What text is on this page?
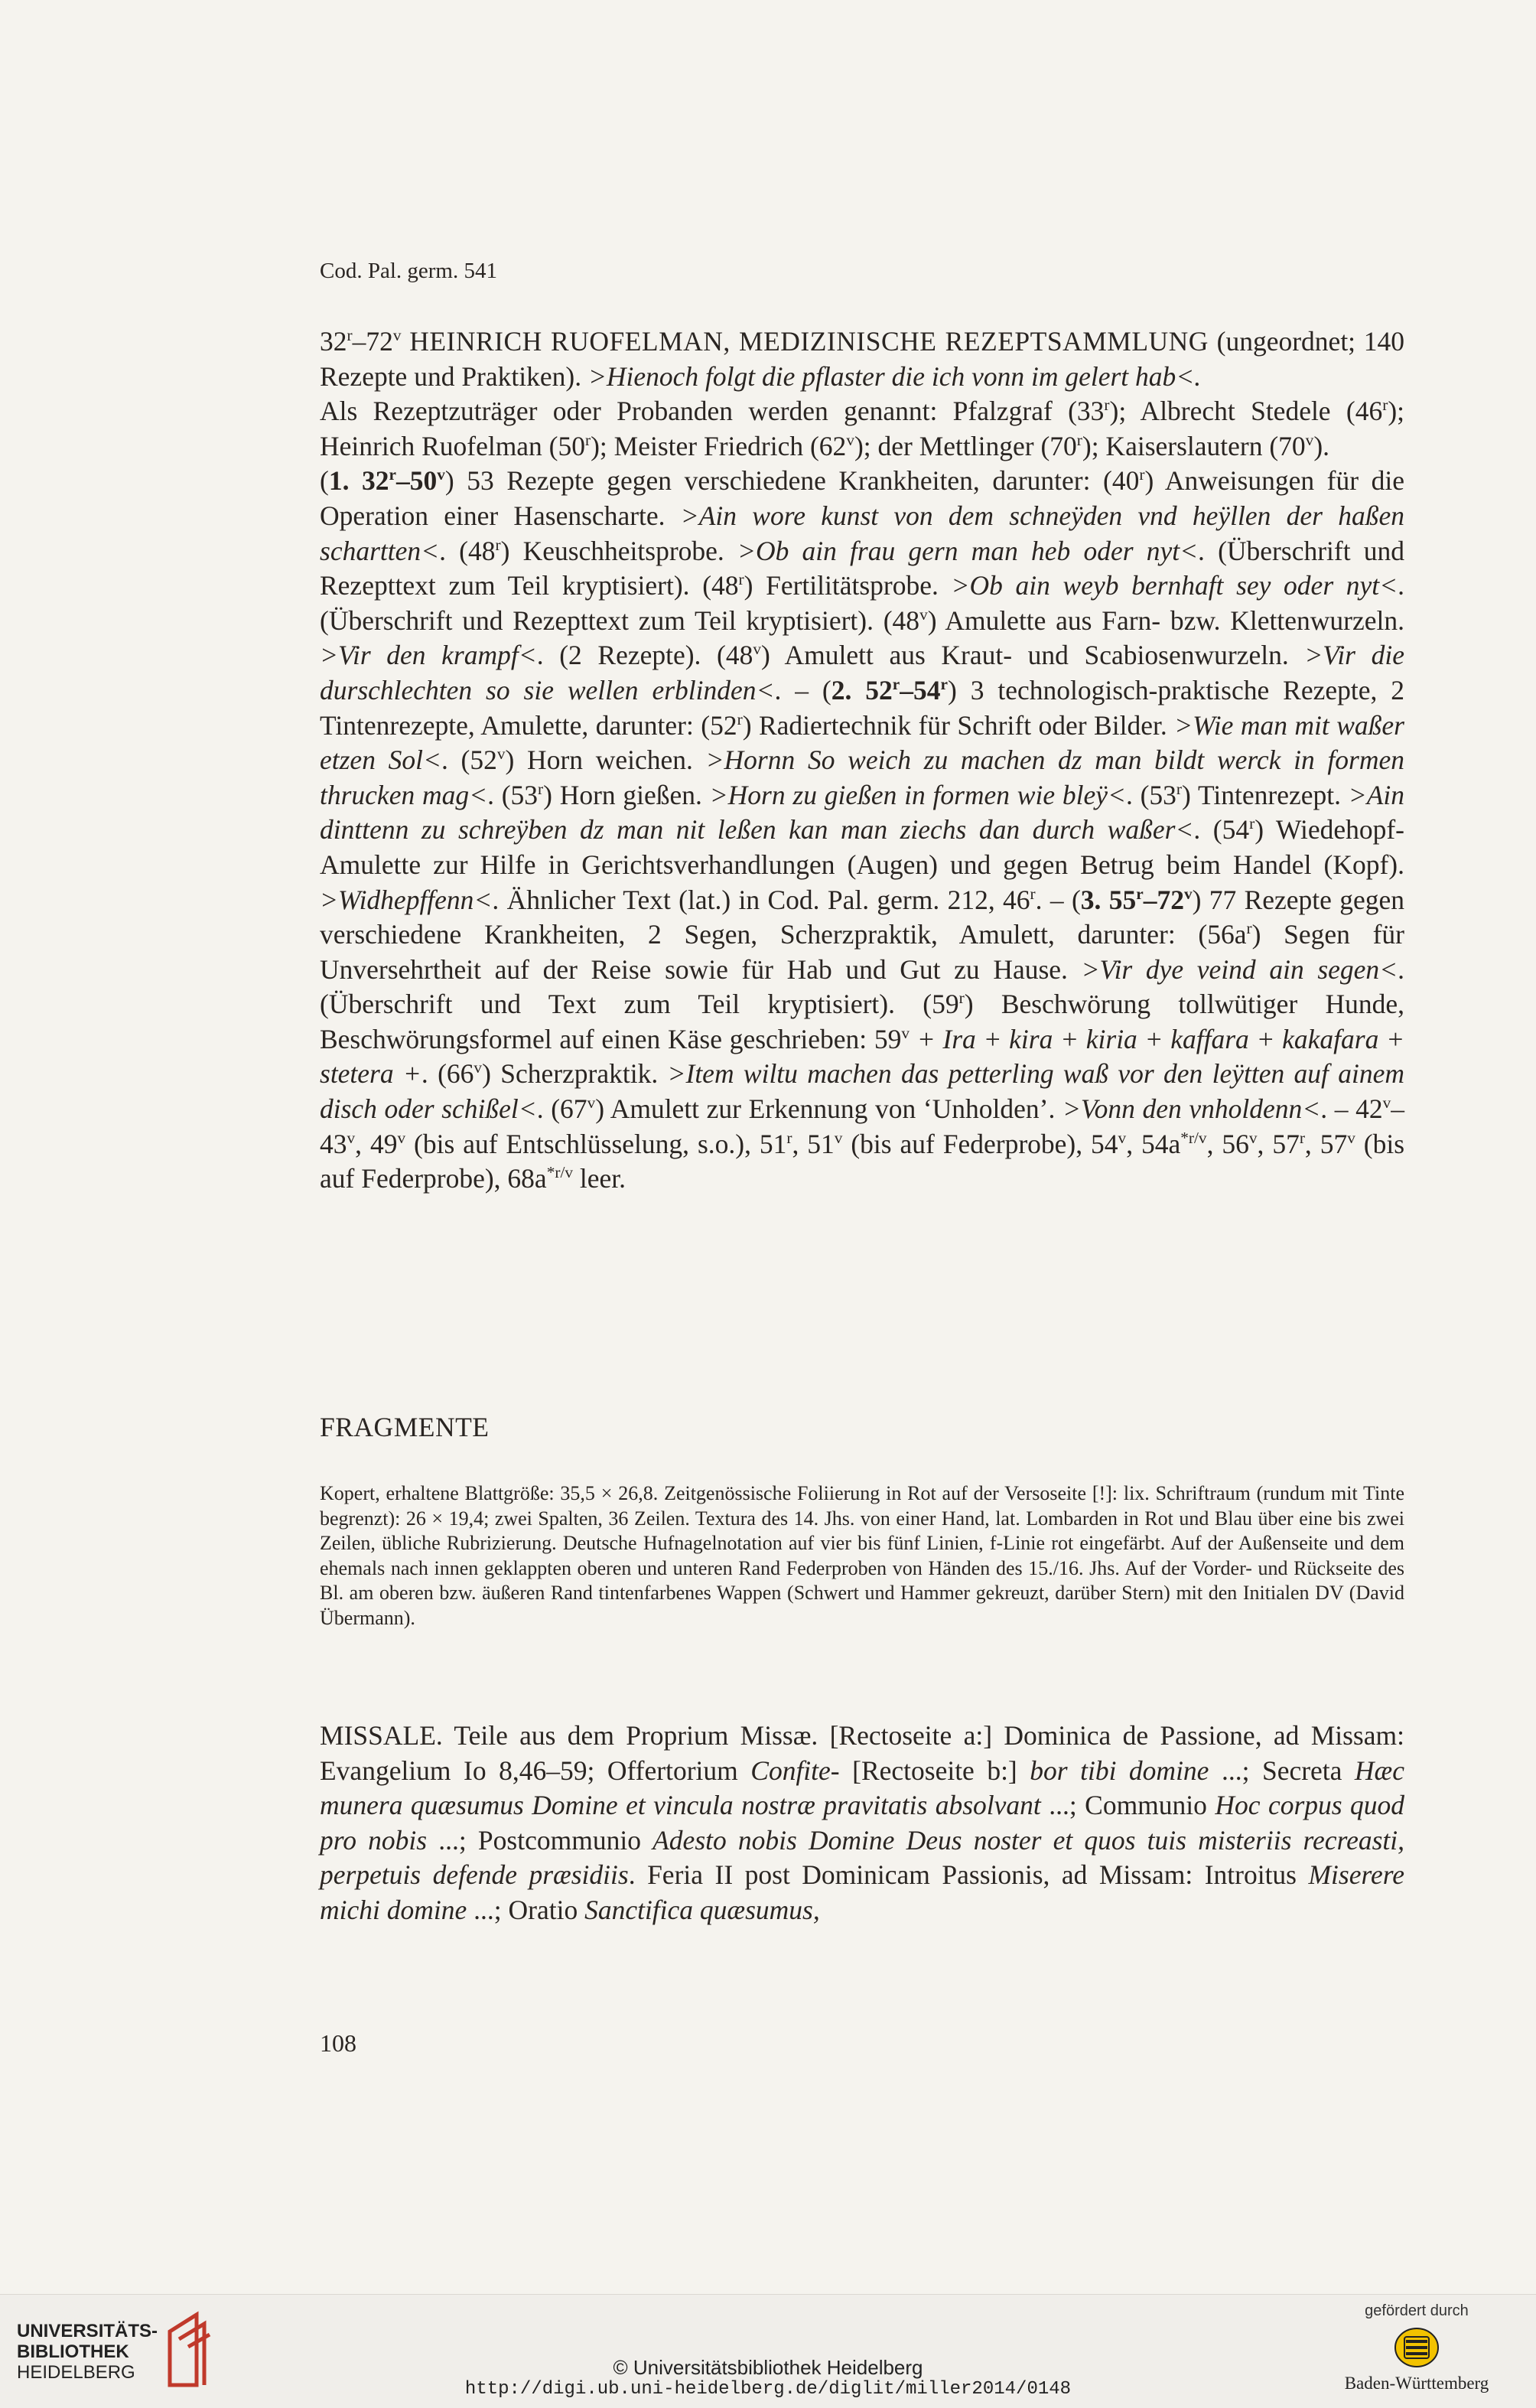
Cod. Pal. germ. 541

32$^r$–72$^v$ HEINRICH RUOFELMAN, MEDIZINISCHE REZEPTSAMMLUNG (ungeordnet; 140 Rezepte und Praktiken). >Hienoch folgt die pflaster die ich vonn im gelert hab<.

Als Rezeptzuträger oder Probanden werden genannt: Pfalzgraf (33$^r$); Albrecht Stedele (46$^r$); Heinrich Ruofelman (50$^r$); Meister Friedrich (62$^v$); der Mettlinger (70$^r$); Kaiserslautern (70$^v$).

(1. 32$^r$–50$^v$) 53 Rezepte gegen verschiedene Krankheiten, darunter: (40$^r$) Anweisungen für die Operation einer Hasenscharte. >Ain wore kunst von dem schneÿden vnd heÿllen der haßen schartten<. (48$^r$) Keuschheitsprobe. >Ob ain frau gern man heb oder nyt<. (Überschrift und Rezepttext zum Teil kryptisiert). (48$^r$) Fertilitätsprobe. >Ob ain weyb bernhaft sey oder nyt<. (Überschrift und Rezepttext zum Teil kryptisiert). (48$^v$) Amulette aus Farn- bzw. Klettenwurzeln. >Vir den krampf<. (2 Rezepte). (48$^v$) Amulett aus Kraut- und Scabiosenwurzeln. >Vir die durschlechten so sie wellen erblinden<. – (2. 52$^r$–54$^r$) 3 technologisch-praktische Rezepte, 2 Tintenrezepte, Amulette, darunter: (52$^r$) Radiertechnik für Schrift oder Bilder. >Wie man mit waßer etzen Sol<. (52$^v$) Horn weichen. >Hornn So weich zu machen dz man bildt werck in formen thrucken mag<. (53$^r$) Horn gießen. >Horn zu gießen in formen wie bleÿ<. (53$^r$) Tintenrezept. >Ain dinttenn zu schreÿben dz man nit leßen kan man ziechs dan durch waßer<. (54$^r$) Wiedehopf-Amulette zur Hilfe in Gerichtsverhandlungen (Augen) und gegen Betrug beim Handel (Kopf). >Widhepffenn<. Ähnlicher Text (lat.) in Cod. Pal. germ. 212, 46$^r$. – (3. 55$^r$–72$^v$) 77 Rezepte gegen verschiedene Krankheiten, 2 Segen, Scherzpraktik, Amulett, darunter: $(56a^r)$ Segen für Unversehrtheit auf der Reise sowie für Hab und Gut zu Hause. >Vir dye veind ain segen<. (Überschrift und Text zum Teil kryptisiert). (59$^r$) Beschwörung tollwütiger Hunde, Beschwörungsformel auf einen Käse geschrieben: $59^v$ + Ira + kira + kiria + kaffara + kakafara + stetera +. (66$^v$) Scherzpraktik. >Item wiltu machen das petterling waß vor den leÿtten auf ainem disch oder schißel<. (67$^v$) Amulett zur Erkennung von ‘Unholden’. >Vonn den vnholdenn<. – 42$^v$–43$^v$, 49$^v$ (bis auf Entschlüsselung, s.o.), 51$^r$, 51$^v$ (bis auf Federprobe), 54$^v$, $54a^{*r/v}$, 56$^v$, 57$^r$, 57$^v$ (bis auf Federprobe), $68a^{*r/v}$ leer.

FRAGMENTE
Kopert, erhaltene Blattgröße: 35,5 × 26,8. Zeitgenössische Foliierung in Rot auf der Versoseite [!]: lix. Schriftraum (rundum mit Tinte begrenzt): 26 × 19,4; zwei Spalten, 36 Zeilen. Textura des 14. Jhs. von einer Hand, lat. Lombarden in Rot und Blau über eine bis zwei Zeilen, übliche Rubrizierung. Deutsche Hufnagelnotation auf vier bis fünf Linien, f-Linie rot eingefärbt. Auf der Außenseite und dem ehemals nach innen geklappten oberen und unteren Rand Federproben von Händen des 15./16. Jhs. Auf der Vorder- und Rückseite des Bl. am oberen bzw. äußeren Rand tintenfarbenes Wappen (Schwert und Hammer gekreuzt, darüber Stern) mit den Initialen DV (David Übermann).
MISSALE. Teile aus dem Proprium Missæ. [Rectoseite a:] Dominica de Passione, ad Missam: Evangelium Io 8,46–59; Offertorium Confite- [Rectoseite b:] bor tibi domine ...; Secreta Hæc munera quæsumus Domine et vincula nostræ pravitatis absolvant ...; Communio Hoc corpus quod pro nobis ...; Postcommunio Adesto nobis Domine Deus noster et quos tuis misteriis recreasti, perpetuis defende præsidiis. Feria II post Dominicam Passionis, ad Missam: Introitus Miserere michi domine ...; Oratio Sanctifica quæsumus,
108
UNIVERSITÄTS-
BIBLIOTHEK
HEIDELBERG	© Universitätsbibliothek Heidelberg
http://digi.ub.uni-heidelberg.de/diglit/miller2014/0148
gefördert durch
Baden-Württemberg
